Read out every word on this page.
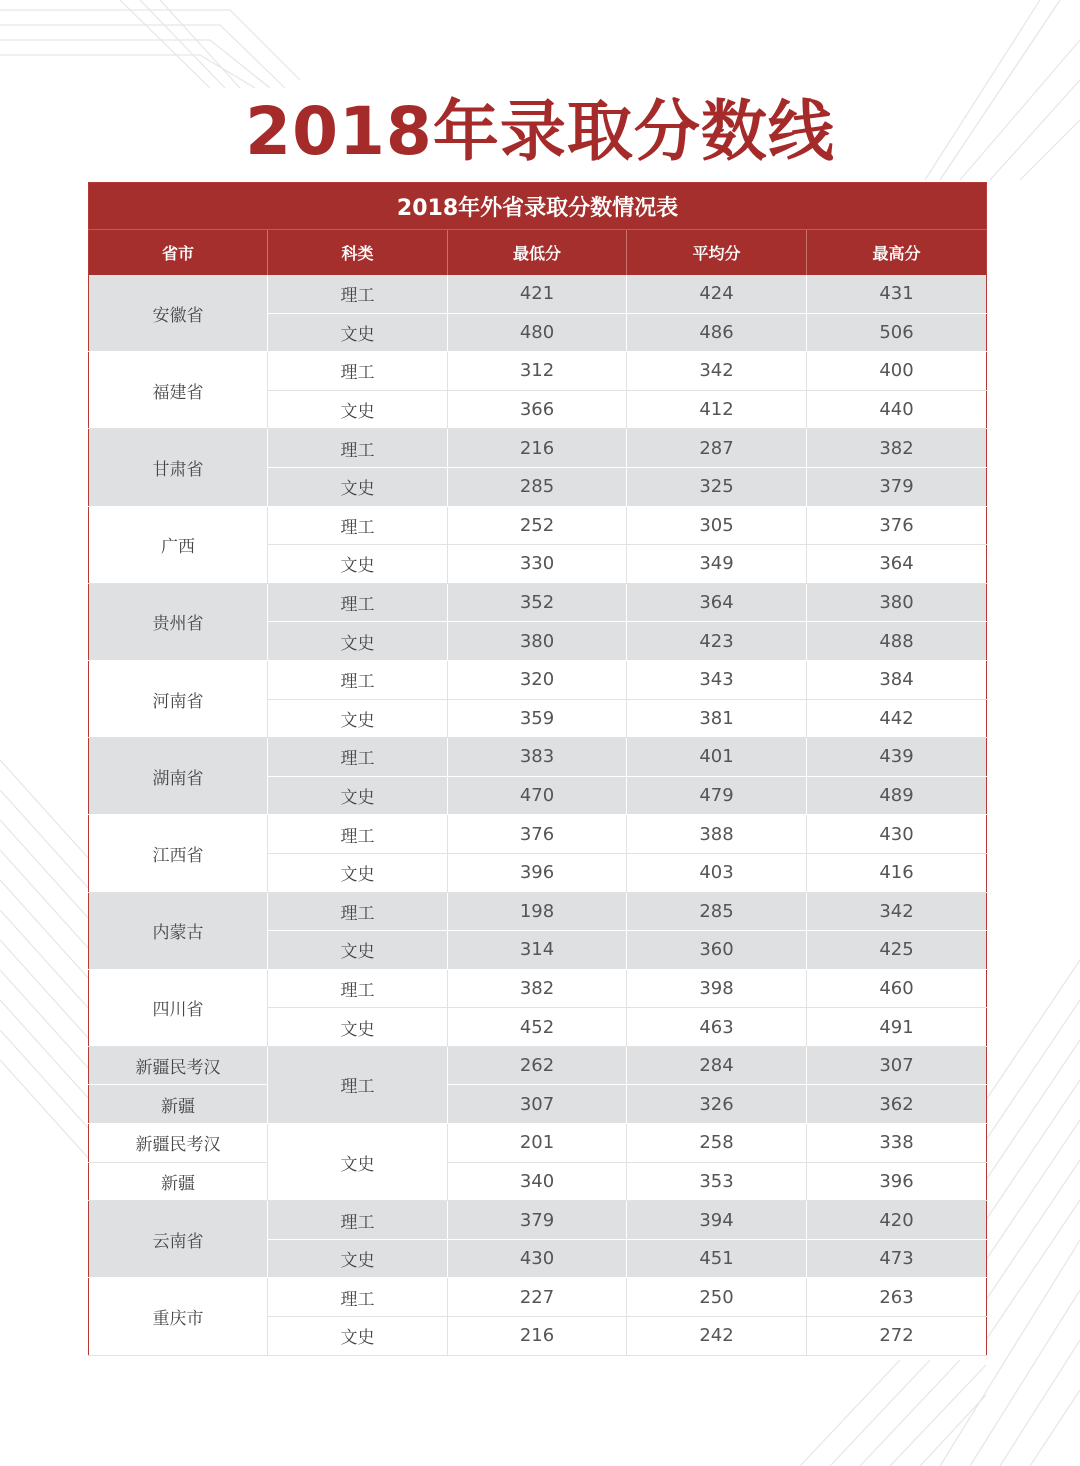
2018年录取分数线
2018年外省录取分数情况表				
省市	科类	最低分	平均分	最高分
安徽省	理工	421	424	431
	文史	480	486	506
福建省	理工	312	342	400
	文史	366	412	440
甘肃省	理工	216	287	382
	文史	285	325	379
广西	理工	252	305	376
	文史	330	349	364
贵州省	理工	352	364	380
	文史	380	423	488
河南省	理工	320	343	384
	文史	359	381	442
湖南省	理工	383	401	439
	文史	470	479	489
江西省	理工	376	388	430
	文史	396	403	416
内蒙古	理工	198	285	342
	文史	314	360	425
四川省	理工	382	398	460
	文史	452	463	491
新疆民考汉	理工	262	284	307
新疆		307	326	362
新疆民考汉	文史	201	258	338
新疆		340	353	396
云南省	理工	379	394	420
	文史	430	451	473
重庆市	理工	227	250	263
	文史	216	242	272
